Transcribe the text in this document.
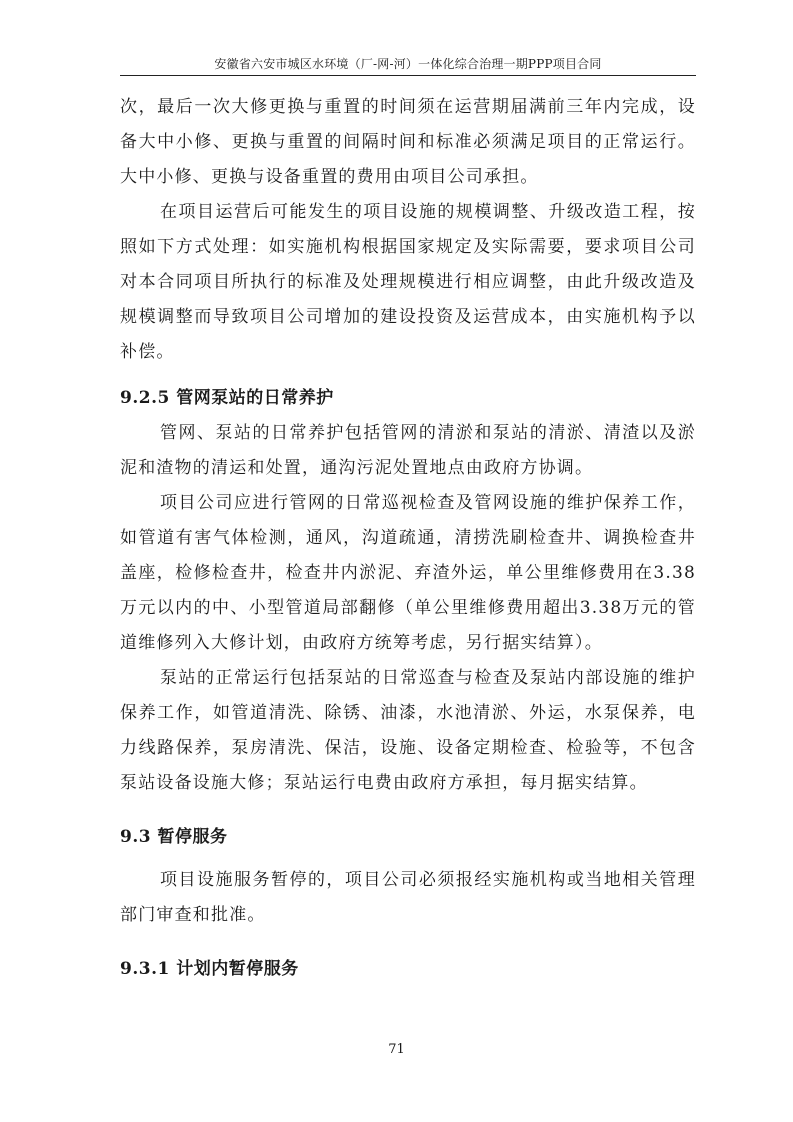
安徽省六安市城区水环境（厂-网-河）一体化综合治理一期PPP项目合同

次，最后一次大修更换与重置的时间须在运营期届满前三年内完成，设备大中小修、更换与重置的间隔时间和标准必须满足项目的正常运行。大中小修、更换与设备重置的费用由项目公司承担。

在项目运营后可能发生的项目设施的规模调整、升级改造工程，按照如下方式处理：如实施机构根据国家规定及实际需要，要求项目公司对本合同项目所执行的标准及处理规模进行相应调整，由此升级改造及规模调整而导致项目公司增加的建设投资及运营成本，由实施机构予以补偿。

9.2.5 管网泵站的日常养护

管网、泵站的日常养护包括管网的清淤和泵站的清淤、清渣以及淤泥和渣物的清运和处置，通沟污泥处置地点由政府方协调。

项目公司应进行管网的日常巡视检查及管网设施的维护保养工作，如管道有害气体检测，通风，沟道疏通，清捞洗刷检查井、调换检查井盖座，检修检查井，检查井内淤泥、弃渣外运，单公里维修费用在3.38万元以内的中、小型管道局部翻修（单公里维修费用超出3.38万元的管道维修列入大修计划，由政府方统筹考虑，另行据实结算）。

泵站的正常运行包括泵站的日常巡查与检查及泵站内部设施的维护保养工作，如管道清洗、除锈、油漆，水池清淤、外运，水泵保养，电力线路保养，泵房清洗、保洁，设施、设备定期检查、检验等，不包含泵站设备设施大修；泵站运行电费由政府方承担，每月据实结算。

9.3 暂停服务

项目设施服务暂停的，项目公司必须报经实施机构或当地相关管理部门审查和批准。

9.3.1 计划内暂停服务
71
